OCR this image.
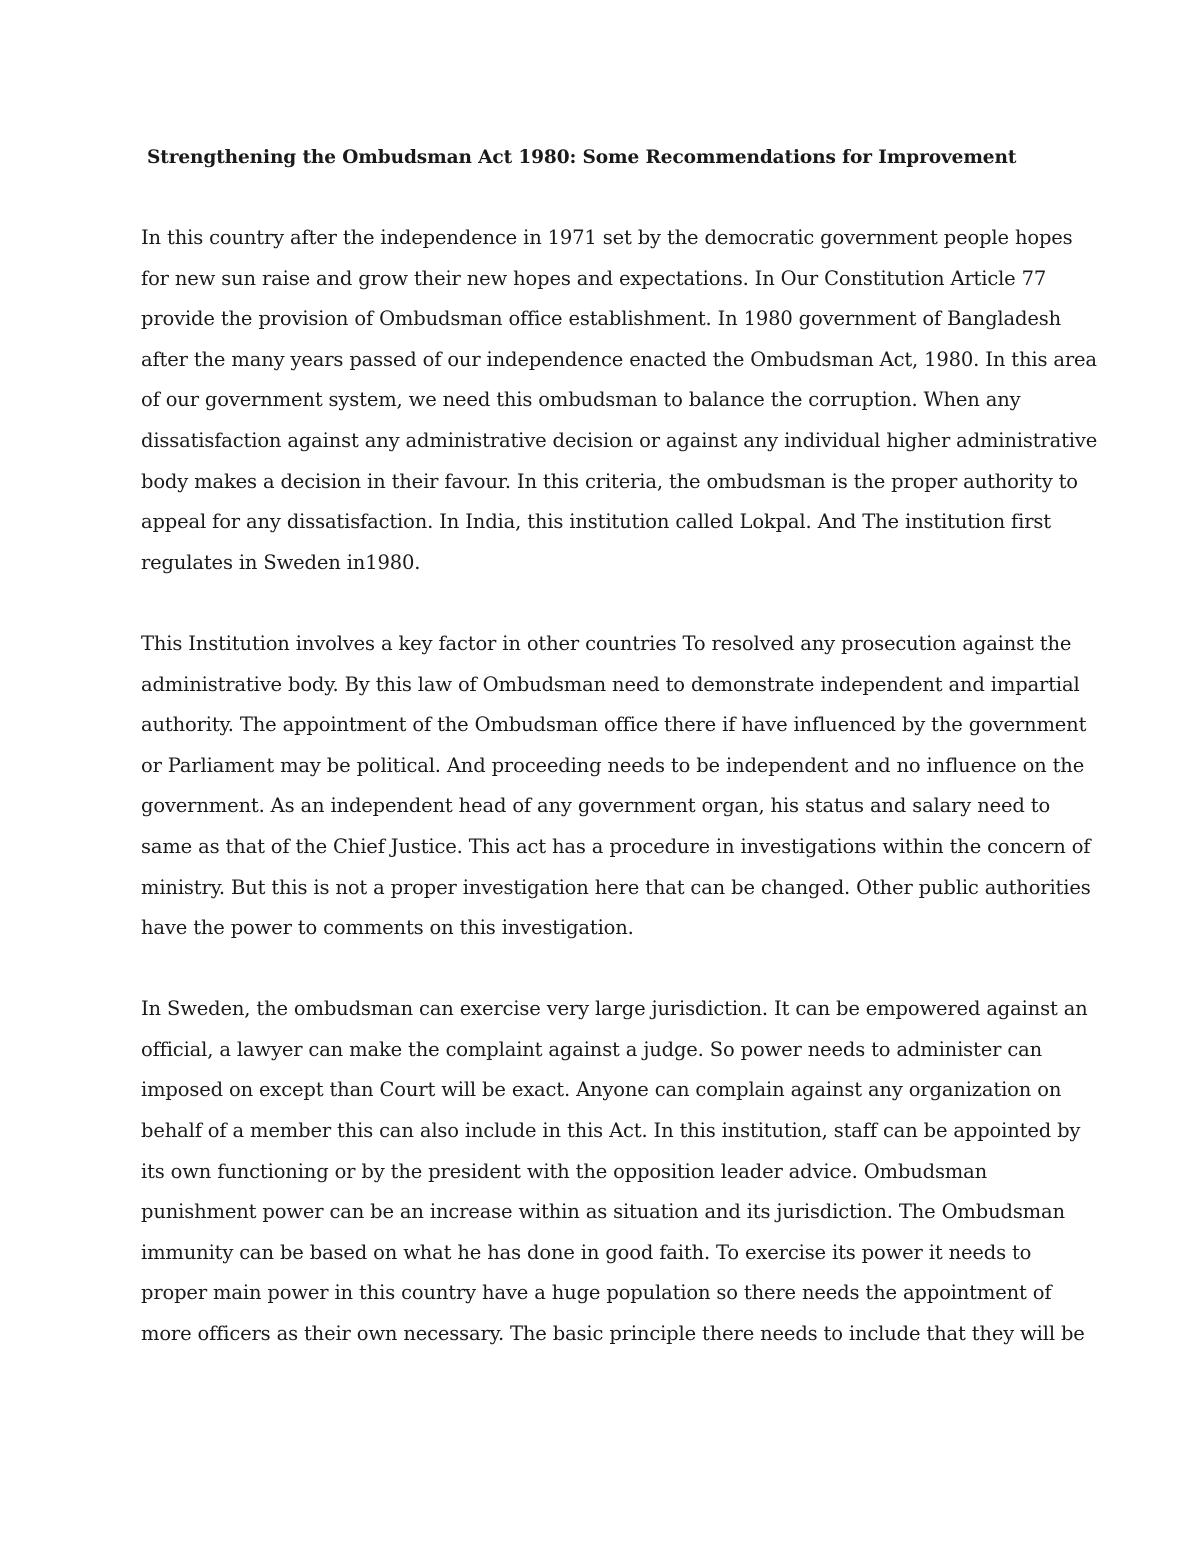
Strengthening the Ombudsman Act 1980: Some Recommendations for Improvement

In this country after the independence in 1971 set by the democratic government people hopes
for new sun raise and grow their new hopes and expectations. In Our Constitution Article 77
provide the provision of Ombudsman office establishment. In 1980 government of Bangladesh
after the many years passed of our independence enacted the Ombudsman Act, 1980. In this area
of our government system, we need this ombudsman to balance the corruption. When any
dissatisfaction against any administrative decision or against any individual higher administrative
body makes a decision in their favour. In this criteria, the ombudsman is the proper authority to
appeal for any dissatisfaction. In India, this institution called Lokpal. And The institution first
regulates in Sweden in1980.

This Institution involves a key factor in other countries To resolved any prosecution against the
administrative body. By this law of Ombudsman need to demonstrate independent and impartial
authority. The appointment of the Ombudsman office there if have influenced by the government
or Parliament may be political. And proceeding needs to be independent and no influence on the
government. As an independent head of any government organ, his status and salary need to
same as that of the Chief Justice. This act has a procedure in investigations within the concern of
ministry. But this is not a proper investigation here that can be changed. Other public authorities
have the power to comments on this investigation.

In Sweden, the ombudsman can exercise very large jurisdiction. It can be empowered against an
official, a lawyer can make the complaint against a judge. So power needs to administer can
imposed on except than Court will be exact. Anyone can complain against any organization on
behalf of a member this can also include in this Act. In this institution, staff can be appointed by
its own functioning or by the president with the opposition leader advice. Ombudsman
punishment power can be an increase within as situation and its jurisdiction. The Ombudsman
immunity can be based on what he has done in good faith. To exercise its power it needs to
proper main power in this country have a huge population so there needs the appointment of
more officers as their own necessary. The basic principle there needs to include that they will be
